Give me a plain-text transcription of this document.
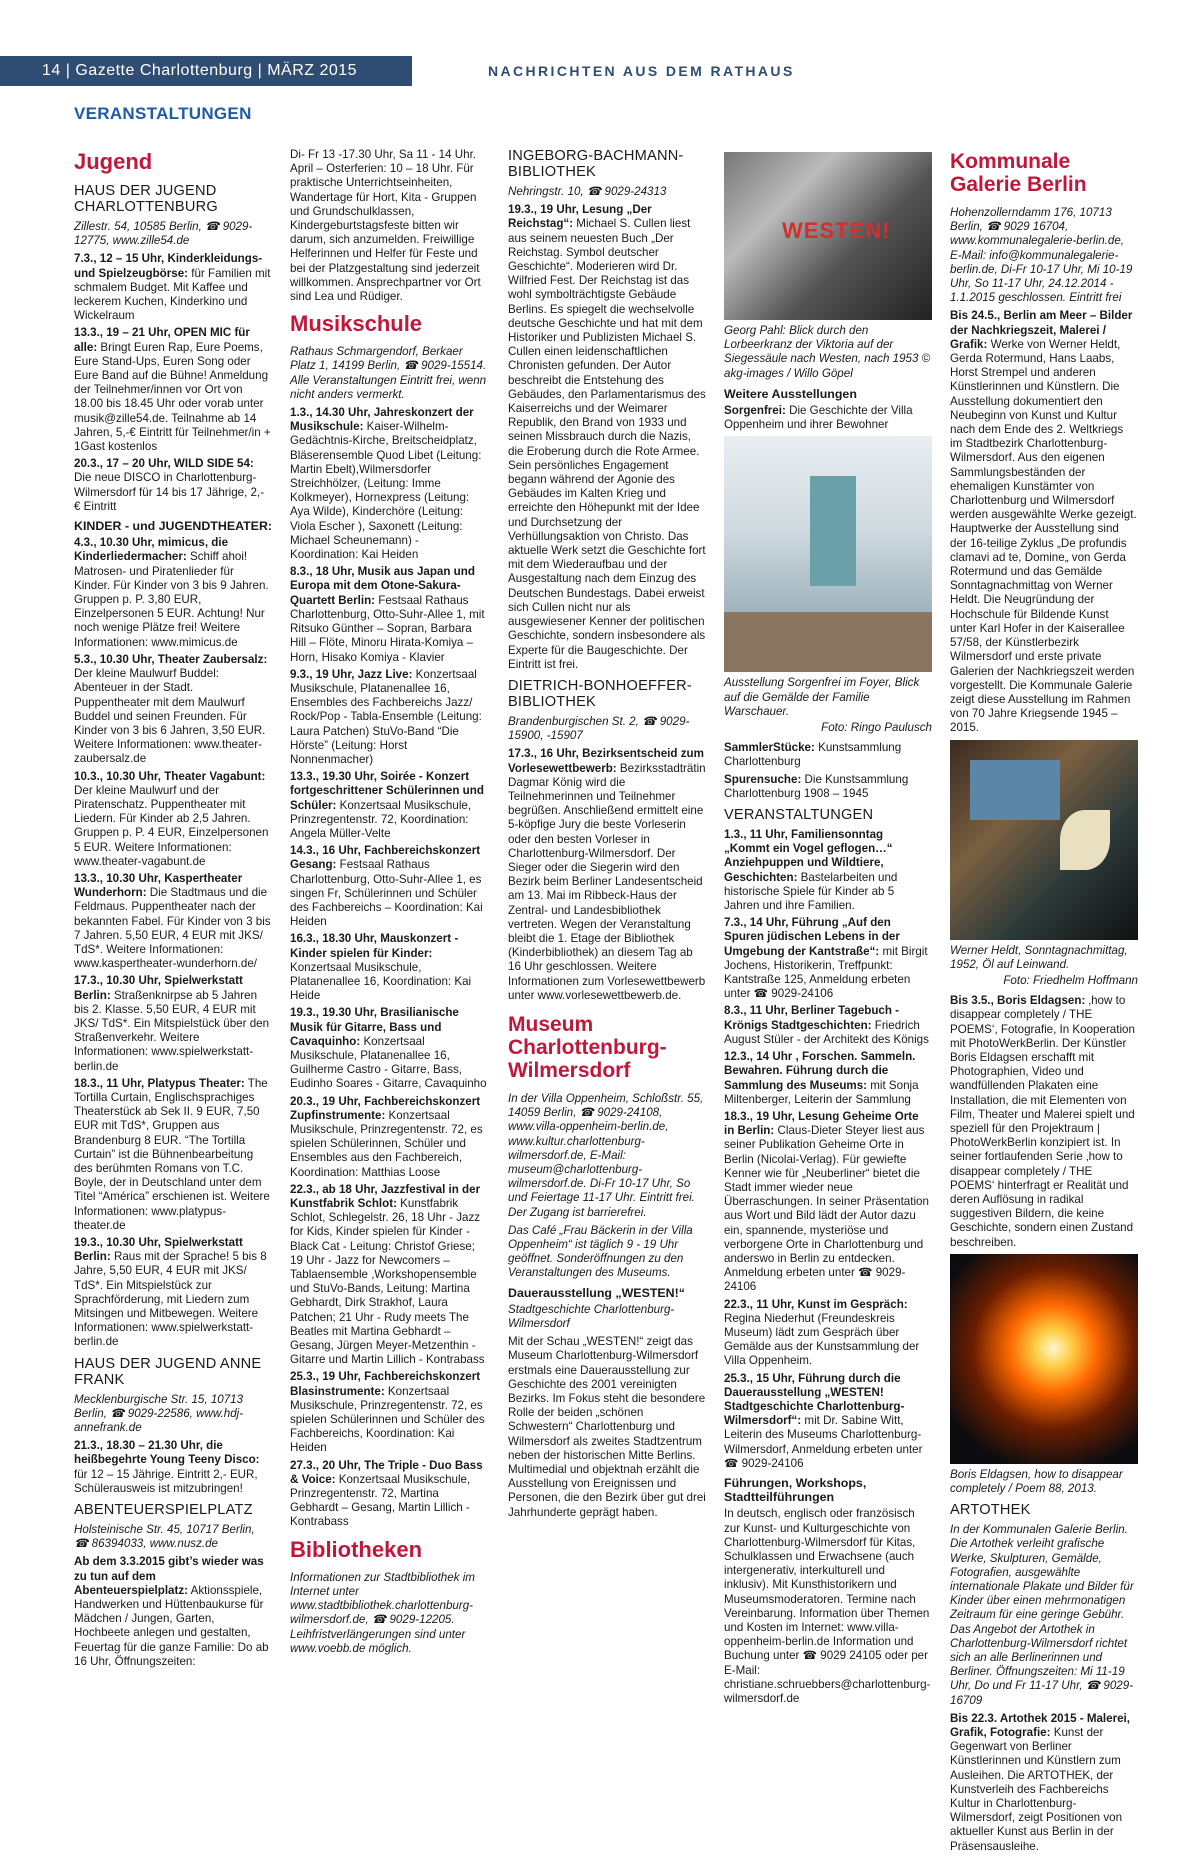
14 | Gazette Charlottenburg | MÄRZ 2015	NACHRICHTEN AUS DEM RATHAUS
VERANSTALTUNGEN
Jugend
HAUS DER JUGEND CHARLOTTENBURG
Zillestr. 54, 10585 Berlin, ☎ 9029-12775, www.zille54.de
7.3., 12 – 15 Uhr, Kinderkleidungs- und Spielzeugbörse: für Familien mit schmalem Budget. Mit Kaffee und leckerem Kuchen, Kinderkino und Wickelraum
13.3., 19 – 21 Uhr, OPEN MIC für alle: Bringt Euren Rap, Eure Poems, Eure Stand-Ups, Euren Song oder Eure Band auf die Bühne! Anmeldung der Teilnehmer/innen vor Ort von 18.00 bis 18.45 Uhr oder vorab unter musik@zille54.de. Teilnahme ab 14 Jahren, 5,-€ Eintritt für Teilnehmer/in + 1Gast kostenlos
20.3., 17 – 20 Uhr, WILD SIDE 54: Die neue DISCO in Charlottenburg-Wilmersdorf für 14 bis 17 Jährige, 2,- € Eintritt
KINDER - und JUGENDTHEATER:
4.3., 10.30 Uhr, mimicus, die Kinderliedermacher: Schiff ahoi! Matrosen- und Piratenlieder für Kinder. Für Kinder von 3 bis 9 Jahren. Gruppen p. P. 3,80 EUR, Einzelpersonen 5 EUR. Achtung! Nur noch wenige Plätze frei! Weitere Informationen: www.mimicus.de
5.3., 10.30 Uhr, Theater Zaubersalz: Der kleine Maulwurf Buddel: Abenteuer in der Stadt. Puppentheater mit dem Maulwurf Buddel und seinen Freunden. Für Kinder von 3 bis 6 Jahren, 3,50 EUR. Weitere Informationen: www.theater-zaubersalz.de
10.3., 10.30 Uhr, Theater Vagabunt: Der kleine Maulwurf und der Piratenschatz. Puppentheater mit Liedern. Für Kinder ab 2,5 Jahren. Gruppen p. P. 4 EUR, Einzelpersonen 5 EUR. Weitere Informationen: www.theater-vagabunt.de
13.3., 10.30 Uhr, Kaspertheater Wunderhorn: Die Stadtmaus und die Feldmaus. Puppentheater nach der bekannten Fabel. Für Kinder von 3 bis 7 Jahren. 5,50 EUR, 4 EUR mit JKS/ TdS*. Weitere Informationen: www.kaspertheater-wunderhorn.de/
17.3., 10.30 Uhr, Spielwerkstatt Berlin: Straßenknirpse ab 5 Jahren bis 2. Klasse. 5,50 EUR, 4 EUR mit JKS/ TdS*. Ein Mitspielstück über den Straßenverkehr. Weitere Informationen: www.spielwerkstatt-berlin.de
18.3., 11 Uhr, Platypus Theater: The Tortilla Curtain, Englischsprachiges Theaterstück ab Sek II. 9 EUR, 7,50 EUR mit TdS*, Gruppen aus Brandenburg 8 EUR. “The Tortilla Curtain” ist die Bühnenbearbeitung des berühmten Romans von T.C. Boyle, der in Deutschland unter dem Titel “América” erschienen ist. Weitere Informationen: www.platypus-theater.de
19.3., 10.30 Uhr, Spielwerkstatt Berlin: Raus mit der Sprache! 5 bis 8 Jahre, 5,50 EUR, 4 EUR mit JKS/ TdS*. Ein Mitspielstück zur Sprachförderung, mit Liedern zum Mitsingen und Mitbewegen. Weitere Informationen: www.spielwerkstatt-berlin.de
HAUS DER JUGEND ANNE FRANK
Mecklenburgische Str. 15, 10713 Berlin, ☎ 9029-22586, www.hdj-annefrank.de
21.3., 18.30 – 21.30 Uhr, die heißbegehrte Young Teeny Disco: für 12 – 15 Jährige. Eintritt 2,- EUR, Schülerausweis ist mitzubringen!
ABENTEUERSPIELPLATZ
Holsteinische Str. 45, 10717 Berlin, ☎ 86394033, www.nusz.de
Ab dem 3.3.2015 gibt’s wieder was zu tun auf dem Abenteuerspielplatz: Aktionsspiele, Handwerken und Hüttenbaukurse für Mädchen / Jungen, Garten, Hochbeete anlegen und gestalten, Feuertag für die ganze Familie: Do ab 16 Uhr, Öffnungszeiten:
Di- Fr 13 -17.30 Uhr, Sa 11 - 14 Uhr. April – Osterferien: 10 – 18 Uhr. Für praktische Unterrichtseinheiten, Wandertage für Hort, Kita - Gruppen und Grundschulklassen, Kindergeburtstagsfeste bitten wir darum, sich anzumelden. Freiwillige Helferinnen und Helfer für Feste und bei der Platzgestaltung sind jederzeit willkommen. Ansprechpartner vor Ort sind Lea und Rüdiger.
Musikschule
Rathaus Schmargendorf, Berkaer Platz 1, 14199 Berlin, ☎ 9029-15514. Alle Veranstaltungen Eintritt frei, wenn nicht anders vermerkt.
1.3., 14.30 Uhr, Jahreskonzert der Musikschule: Kaiser-Wilhelm-Gedächtnis-Kirche, Breitscheidplatz, Bläserensemble Quod Libet (Leitung: Martin Ebelt),Wilmersdorfer Streichhölzer, (Leitung: Imme Kolkmeyer), Hornexpress (Leitung: Aya Wilde), Kinderchöre (Leitung: Viola Escher ), Saxonett (Leitung: Michael Scheunemann) - Koordination: Kai Heiden
8.3., 18 Uhr, Musik aus Japan und Europa mit dem Otone-Sakura-Quartett Berlin: Festsaal Rathaus Charlottenburg, Otto-Suhr-Allee 1, mit Ritsuko Günther – Sopran, Barbara Hill – Flöte, Minoru Hirata-Komiya – Horn, Hisako Komiya - Klavier
9.3., 19 Uhr, Jazz Live: Konzertsaal Musikschule, Platanenallee 16, Ensembles des Fachbereichs Jazz/ Rock/Pop - Tabla-Ensemble (Leitung: Laura Patchen) StuVo-Band “Die Hörste” (Leitung: Horst Nonnenmacher)
13.3., 19.30 Uhr, Soirée - Konzert fortgeschrittener Schülerinnen und Schüler: Konzertsaal Musikschule, Prinzregentenstr. 72, Koordination: Angela Müller-Velte
14.3., 16 Uhr, Fachbereichskonzert Gesang: Festsaal Rathaus Charlottenburg, Otto-Suhr-Allee 1, es singen Fr, Schülerinnen und Schüler des Fachbereichs – Koordination: Kai Heiden
16.3., 18.30 Uhr, Mauskonzert - Kinder spielen für Kinder: Konzertsaal Musikschule, Platanenallee 16, Koordination: Kai Heide
19.3., 19.30 Uhr, Brasilianische Musik für Gitarre, Bass und Cavaquinho: Konzertsaal Musikschule, Platanenallee 16, Guilherme Castro - Gitarre, Bass, Eudinho Soares - Gitarre, Cavaquinho
20.3., 19 Uhr, Fachbereichskonzert Zupfinstrumente: Konzertsaal Musikschule, Prinzregentenstr. 72, es spielen Schülerinnen, Schüler und Ensembles aus den Fachbereich, Koordination: Matthias Loose
22.3., ab 18 Uhr, Jazzfestival in der Kunstfabrik Schlot: Kunstfabrik Schlot, Schlegelstr. 26, 18 Uhr - Jazz for Kids, Kinder spielen für Kinder - Black Cat - Leitung: Christof Griese; 19 Uhr - Jazz for Newcomers – Tablaensemble ,Workshopensemble und StuVo-Bands, Leitung: Martina Gebhardt, Dirk Strakhof, Laura Patchen; 21 Uhr - Rudy meets The Beatles mit Martina Gebhardt – Gesang, Jürgen Meyer-Metzenthin - Gitarre und Martin Lillich - Kontrabass
25.3., 19 Uhr, Fachbereichskonzert Blasinstrumente: Konzertsaal Musikschule, Prinzregentenstr. 72, es spielen Schülerinnen und Schüler des Fachbereichs, Koordination: Kai Heiden
27.3., 20 Uhr, The Triple - Duo Bass & Voice: Konzertsaal Musikschule, Prinzregentenstr. 72, Martina Gebhardt – Gesang, Martin Lillich - Kontrabass
Bibliotheken
Informationen zur Stadtbibliothek im Internet unter www.stadtbibliothek.charlottenburg-wilmersdorf.de, ☎ 9029-12205. Leihfristverlängerungen sind unter www.voebb.de möglich.
INGEBORG-BACHMANN-BIBLIOTHEK
Nehringstr. 10, ☎ 9029-24313
19.3., 19 Uhr, Lesung „Der Reichstag“: Michael S. Cullen liest aus seinem neuesten Buch „Der Reichstag. Symbol deutscher Geschichte“. Moderieren wird Dr. Wilfried Fest. Der Reichstag ist das wohl symbolträchtigste Gebäude Berlins. Es spiegelt die wechselvolle deutsche Geschichte und hat mit dem Historiker und Publizisten Michael S. Cullen einen leidenschaftlichen Chronisten gefunden. Der Autor beschreibt die Entstehung des Gebäudes, den Parlamentarismus des Kaiserreichs und der Weimarer Republik, den Brand von 1933 und seinen Missbrauch durch die Nazis, die Eroberung durch die Rote Armee. Sein persönliches Engagement begann während der Agonie des Gebäudes im Kalten Krieg und erreichte den Höhepunkt mit der Idee und Durchsetzung der Verhüllungsaktion von Christo. Das aktuelle Werk setzt die Geschichte fort mit dem Wiederaufbau und der Ausgestaltung nach dem Einzug des Deutschen Bundestags. Dabei erweist sich Cullen nicht nur als ausgewiesener Kenner der politischen Geschichte, sondern insbesondere als Experte für die Baugeschichte. Der Eintritt ist frei.
DIETRICH-BONHOEFFER-BIBLIOTHEK
Brandenburgischen St. 2, ☎ 9029-15900, -15907
17.3., 16 Uhr, Bezirksentscheid zum Vorlesewettbewerb: Bezirksstadträtin Dagmar König wird die Teilnehmerinnen und Teilnehmer begrüßen. Anschließend ermittelt eine 5-köpfige Jury die beste Vorleserin oder den besten Vorleser in Charlottenburg-Wilmersdorf. Der Sieger oder die Siegerin wird den Bezirk beim Berliner Landesentscheid am 13. Mai im Ribbeck-Haus der Zentral- und Landesbibliothek vertreten. Wegen der Veranstaltung bleibt die 1. Etage der Bibliothek (Kinderbibliothek) an diesem Tag ab 16 Uhr geschlossen. Weitere Informationen zum Vorlesewettbewerb unter www.vorlesewettbewerb.de.
Museum Charlottenburg-Wilmersdorf
In der Villa Oppenheim, Schloßstr. 55, 14059 Berlin, ☎ 9029-24108, www.villa-oppenheim-berlin.de, www.kultur.charlottenburg-wilmersdorf.de, E-Mail: museum@charlottenburg-wilmersdorf.de. Di-Fr 10-17 Uhr, So und Feiertage 11-17 Uhr. Eintritt frei. Der Zugang ist barrierefrei.
Das Café „Frau Bäckerin in der Villa Oppenheim“ ist täglich 9 - 19 Uhr geöffnet. Sonderöffnungen zu den Veranstaltungen des Museums.
Dauerausstellung „WESTEN!“
Stadtgeschichte Charlottenburg-Wilmersdorf
Mit der Schau „WESTEN!“ zeigt das Museum Charlottenburg-Wilmersdorf erstmals eine Dauerausstellung zur Geschichte des 2001 vereinigten Bezirks. Im Fokus steht die besondere Rolle der beiden „schönen Schwestern“ Charlottenburg und Wilmersdorf als zweites Stadtzentrum neben der historischen Mitte Berlins. Multimedial und objektnah erzählt die Ausstellung von Ereignissen und Personen, die den Bezirk über gut drei Jahrhunderte geprägt haben.
WESTEN!
Georg Pahl: Blick durch den Lorbeerkranz der Viktoria auf der Siegessäule nach Westen, nach 1953 © akg-images / Willo Göpel
Weitere Ausstellungen
Sorgenfrei: Die Geschichte der Villa Oppenheim und ihrer Bewohner
Ausstellung Sorgenfrei im Foyer, Blick auf die Gemälde der Familie Warschauer.
Foto: Ringo Paulusch
SammlerStücke: Kunstsammlung Charlottenburg
Spurensuche: Die Kunstsammlung Charlottenburg 1908 – 1945
VERANSTALTUNGEN
1.3., 11 Uhr, Familiensonntag „Kommt ein Vogel geflogen…“ Anziehpuppen und Wildtiere, Geschichten: Bastelarbeiten und historische Spiele für Kinder ab 5 Jahren und ihre Familien.
7.3., 14 Uhr, Führung „Auf den Spuren jüdischen Lebens in der Umgebung der Kantstraße“: mit Birgit Jochens, Historikerin, Treffpunkt: Kantstraße 125, Anmeldung erbeten unter ☎ 9029-24106
8.3., 11 Uhr, Berliner Tagebuch - Krönigs Stadtgeschichten: Friedrich August Stüler - der Architekt des Königs
12.3., 14 Uhr , Forschen. Sammeln. Bewahren. Führung durch die Sammlung des Museums: mit Sonja Miltenberger, Leiterin der Sammlung
18.3., 19 Uhr, Lesung Geheime Orte in Berlin: Claus-Dieter Steyer liest aus seiner Publikation Geheime Orte in Berlin (Nicolai-Verlag). Für gewiefte Kenner wie für „Neuberliner“ bietet die Stadt immer wieder neue Überraschungen. In seiner Präsentation aus Wort und Bild lädt der Autor dazu ein, spannende, mysteriöse und verborgene Orte in Charlottenburg und anderswo in Berlin zu entdecken. Anmeldung erbeten unter ☎ 9029-24106
22.3., 11 Uhr, Kunst im Gespräch: Regina Niederhut (Freundeskreis Museum) lädt zum Gespräch über Gemälde aus der Kunstsammlung der Villa Oppenheim.
25.3., 15 Uhr, Führung durch die Dauerausstellung „WESTEN! Stadtgeschichte Charlottenburg-Wilmersdorf“: mit Dr. Sabine Witt, Leiterin des Museums Charlottenburg-Wilmersdorf, Anmeldung erbeten unter ☎ 9029-24106
Führungen, Workshops, Stadtteilführungen
In deutsch, englisch oder französisch zur Kunst- und Kulturgeschichte von Charlottenburg-Wilmersdorf für Kitas, Schulklassen und Erwachsene (auch intergenerativ, interkulturell und inklusiv). Mit Kunsthistorikern und Museumsmoderatoren. Termine nach Vereinbarung. Information über Themen und Kosten im Internet: www.villa-oppenheim-berlin.de Information und Buchung unter ☎ 9029 24105 oder per E-Mail: christiane.schruebbers@charlottenburg-wilmersdorf.de
Kommunale Galerie Berlin
Hohenzollerndamm 176, 10713 Berlin, ☎ 9029 16704, www.kommunalegalerie-berlin.de, E-Mail: info@kommunalegalerie-berlin.de, Di-Fr 10-17 Uhr, Mi 10-19 Uhr, So 11-17 Uhr, 24.12.2014 - 1.1.2015 geschlossen. Eintritt frei
Bis 24.5., Berlin am Meer – Bilder der Nachkriegszeit, Malerei / Grafik: Werke von Werner Heldt, Gerda Rotermund, Hans Laabs, Horst Strempel und anderen Künstlerinnen und Künstlern. Die Ausstellung dokumentiert den Neubeginn von Kunst und Kultur nach dem Ende des 2. Weltkriegs im Stadtbezirk Charlottenburg-Wilmersdorf. Aus den eigenen Sammlungsbeständen der ehemaligen Kunstämter von Charlottenburg und Wilmersdorf werden ausgewählte Werke gezeigt. Hauptwerke der Ausstellung sind der 16-teilige Zyklus „De profundis clamavi ad te, Domine„ von Gerda Rotermund und das Gemälde Sonntagnachmittag von Werner Heldt. Die Neugründung der Hochschule für Bildende Kunst unter Karl Hofer in der Kaiserallee 57/58, der Künstlerbezirk Wilmersdorf und erste private Galerien der Nachkriegszeit werden vorgestellt. Die Kommunale Galerie zeigt diese Ausstellung im Rahmen von 70 Jahre Kriegsende 1945 – 2015.
Werner Heldt, Sonntagnachmittag, 1952, Öl auf Leinwand.
Foto: Friedhelm Hoffmann
Bis 3.5., Boris Eldagsen: ‚how to disappear completely / THE POEMS‘, Fotografie, In Kooperation mit PhotoWerkBerlin. Der Künstler Boris Eldagsen erschafft mit Photographien, Video und wandfüllenden Plakaten eine Installation, die mit Elementen von Film, Theater und Malerei spielt und speziell für den Projektraum | PhotoWerkBerlin konzipiert ist. In seiner fortlaufenden Serie ‚how to disappear completely / THE POEMS‘ hinterfragt er Realität und deren Auflösung in radikal suggestiven Bildern, die keine Geschichte, sondern einen Zustand beschreiben.
Boris Eldagsen, how to disappear completely / Poem 88, 2013.
ARTOTHEK
In der Kommunalen Galerie Berlin. Die Artothek verleiht grafische Werke, Skulpturen, Gemälde, Fotografien, ausgewählte internationale Plakate und Bilder für Kinder über einen mehrmonatigen Zeitraum für eine geringe Gebühr. Das Angebot der Artothek in Charlottenburg-Wilmersdorf richtet sich an alle Berlinerinnen und Berliner. Öffnungszeiten: Mi 11-19 Uhr, Do und Fr 11-17 Uhr, ☎ 9029-16709
Bis 22.3. Artothek 2015 - Malerei, Grafik, Fotografie: Kunst der Gegenwart von Berliner Künstlerinnen und Künstlern zum Ausleihen. Die ARTOTHEK, der Kunstverleih des Fachbereichs Kultur in Charlottenburg-Wilmersdorf, zeigt Positionen von aktueller Kunst aus Berlin in der Präsensausleihe.
